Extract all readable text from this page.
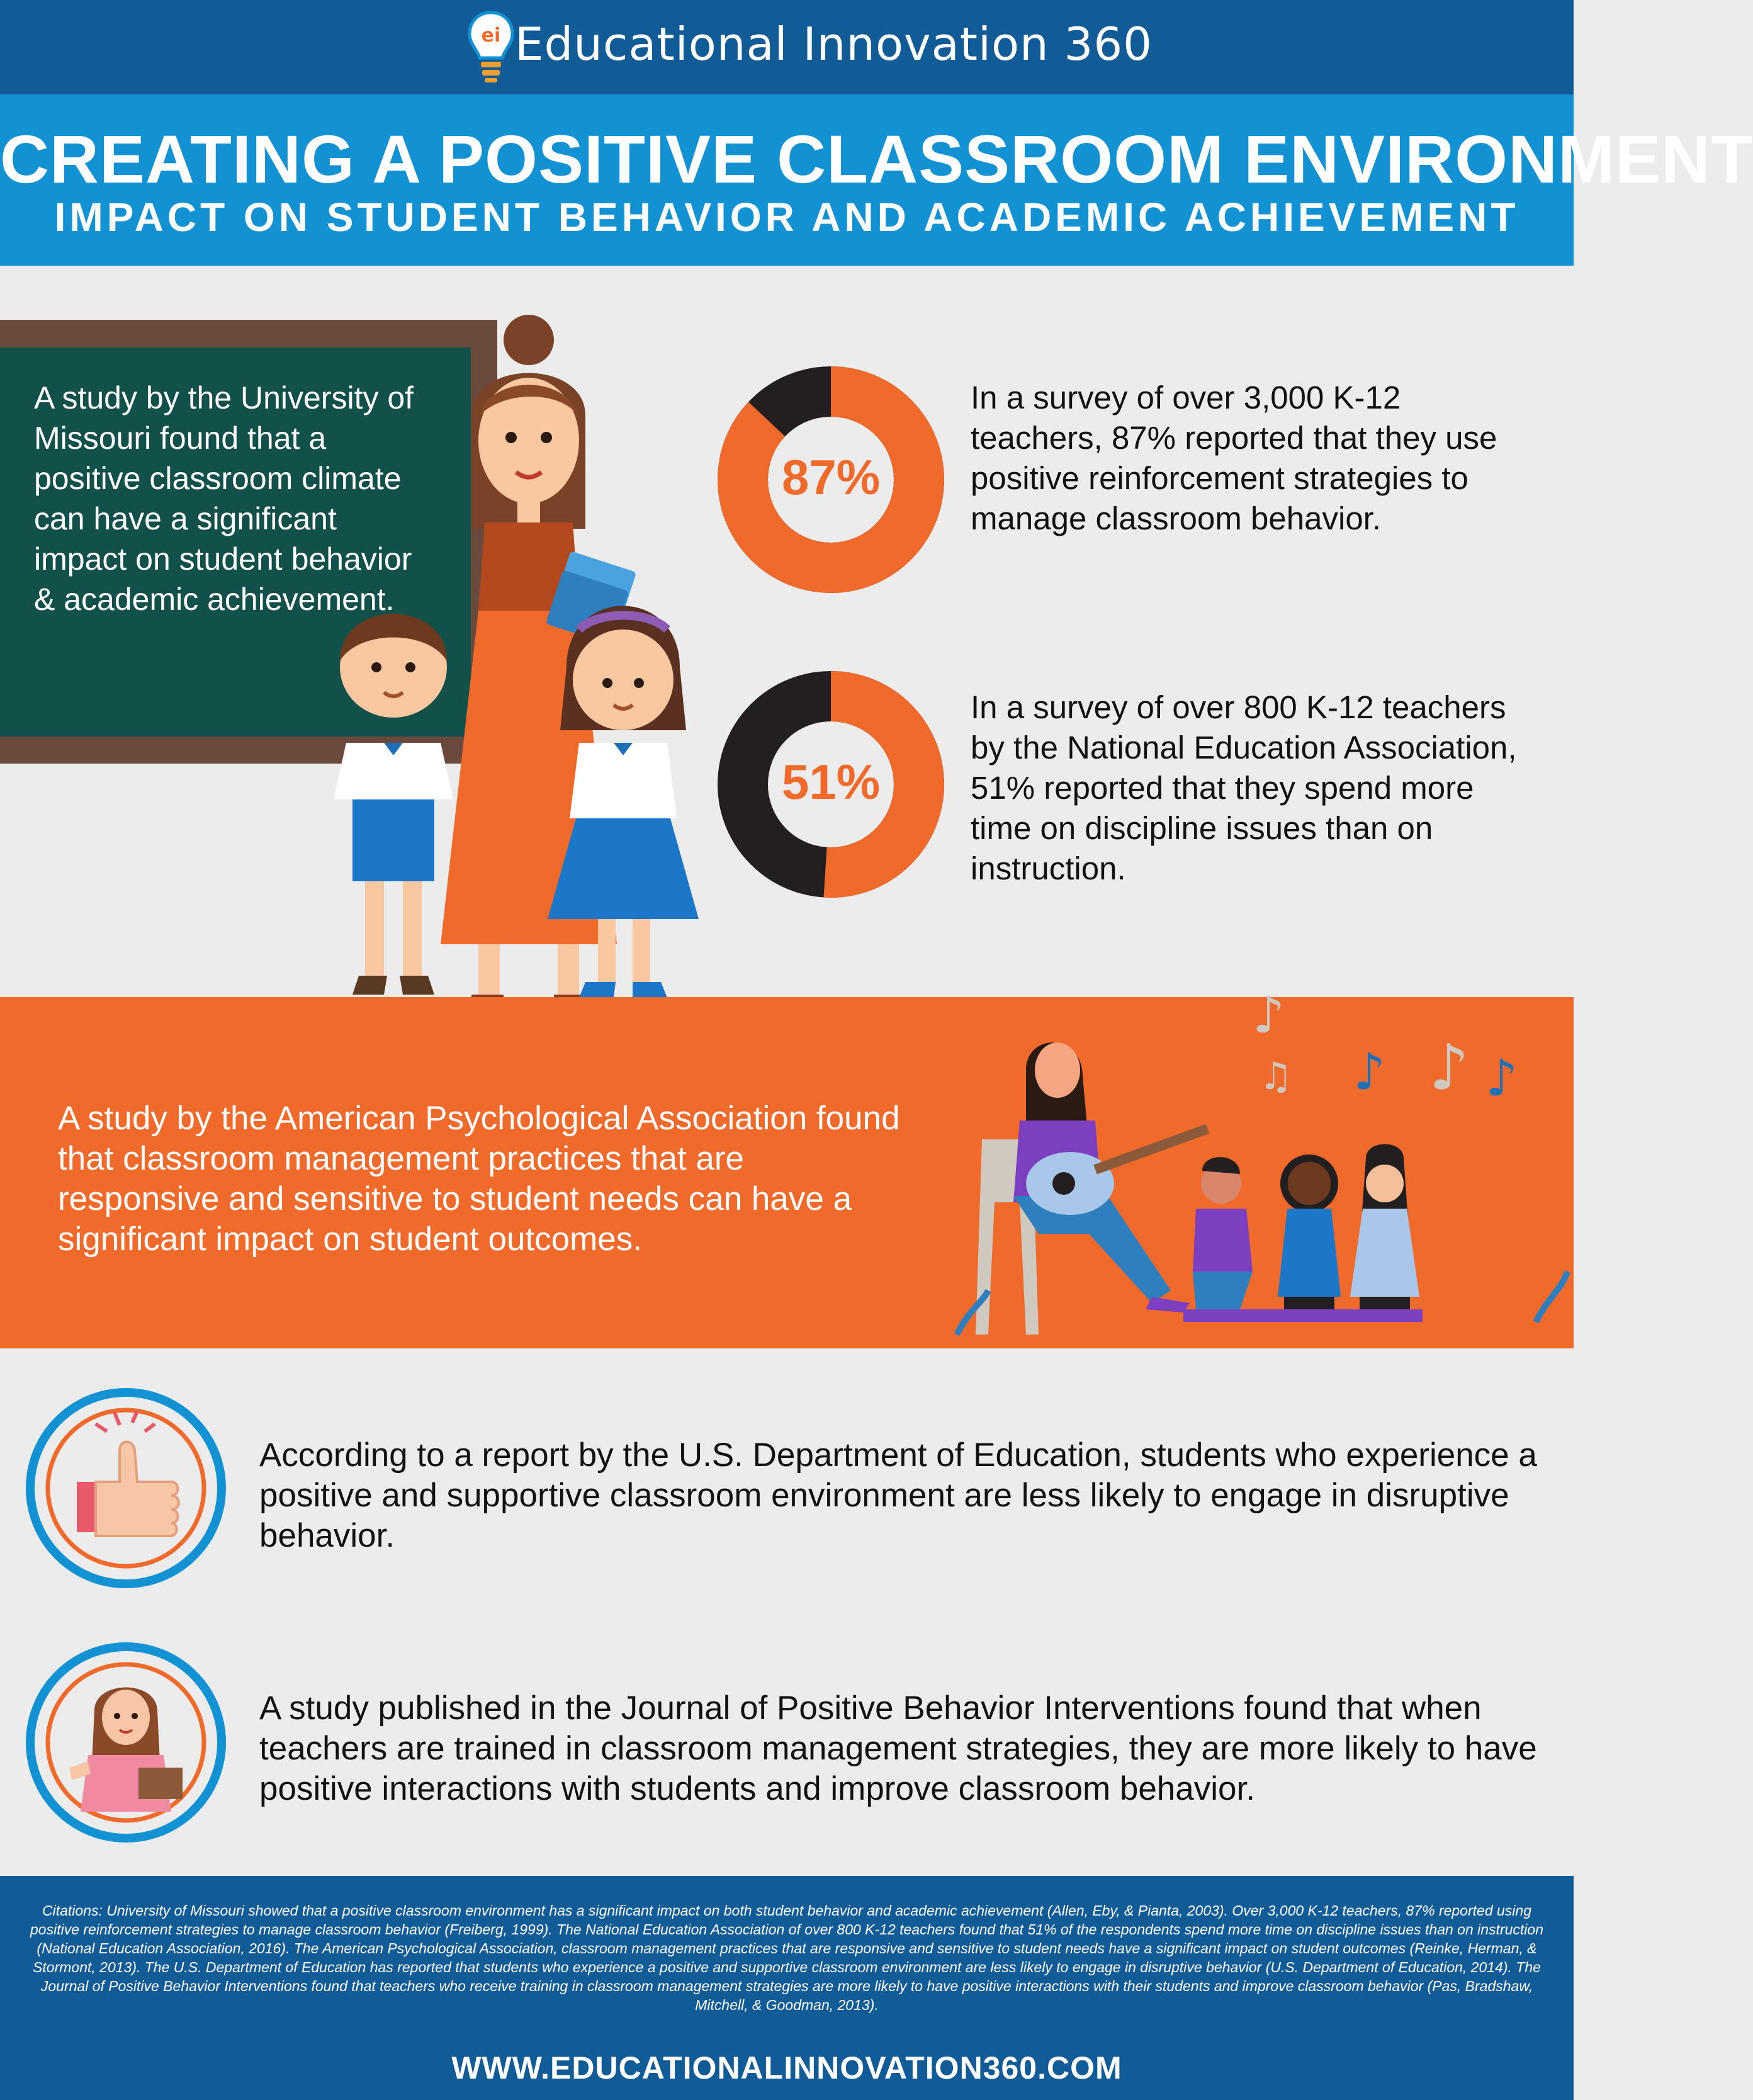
ei Educational Innovation 360
CREATING A POSITIVE CLASSROOM ENVIRONMENT
IMPACT ON STUDENT BEHAVIOR AND ACADEMIC ACHIEVEMENT
A study by the University of Missouri found that a positive classroom climate can have a significant impact on student behavior & academic achievement.
87%
In a survey of over 3,000 K-12 teachers, 87% reported that they use positive reinforcement strategies to manage classroom behavior.
51%
In a survey of over 800 K-12 teachers by the National Education Association, 51% reported that they spend more time on discipline issues than on instruction.
A study by the American Psychological Association found that classroom management practices that are responsive and sensitive to student needs can have a significant impact on student outcomes.
♪
♫ ♪
♪ ♪
According to a report by the U.S. Department of Education, students who experience a positive and supportive classroom environment are less likely to engage in disruptive behavior.
A study published in the Journal of Positive Behavior Interventions found that when teachers are trained in classroom management strategies, they are more likely to have positive interactions with students and improve classroom behavior.
Citations: University of Missouri showed that a positive classroom environment has a significant impact on both student behavior and academic achievement (Allen, Eby, & Pianta, 2003). Over 3,000 K-12 teachers, 87% reported using positive reinforcement strategies to manage classroom behavior (Freiberg, 1999). The National Education Association of over 800 K-12 teachers found that 51% of the respondents spend more time on discipline issues than on instruction (National Education Association, 2016). The American Psychological Association, classroom management practices that are responsive and sensitive to student needs have a significant impact on student outcomes (Reinke, Herman, & Stormont, 2013). The U.S. Department of Education has reported that students who experience a positive and supportive classroom environment are less likely to engage in disruptive behavior (U.S. Department of Education, 2014). The Journal of Positive Behavior Interventions found that teachers who receive training in classroom management strategies are more likely to have positive interactions with their students and improve classroom behavior (Pas, Bradshaw, Mitchell, & Goodman, 2013).
WWW.EDUCATIONALINNOVATION360.COM
